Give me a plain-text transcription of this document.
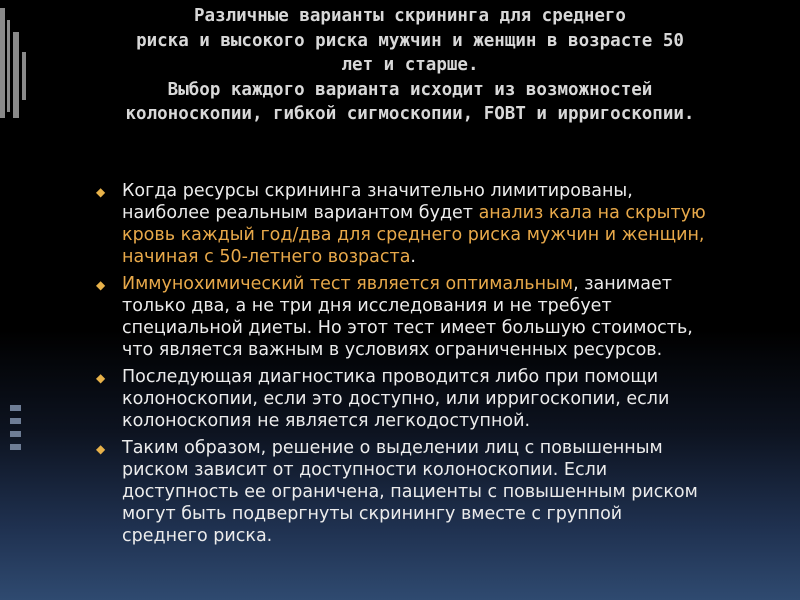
Различные варианты скрининга для среднего
риска и высокого риска мужчин и женщин в возрасте 50
лет и старше.
Выбор каждого варианта исходит из возможностей
колоноскопии, гибкой сигмоскопии, FOBT и ирригоскопии.
◆ Когда ресурсы скрининга значительно лимитированы,
наиболее реальным вариантом будет анализ кала на скрытую
кровь каждый год/два для среднего риска мужчин и женщин,
начиная с 50-летнего возраста.
◆ Иммунохимический тест является оптимальным, занимает
только два, а не три дня исследования и не требует
специальной диеты. Но этот тест имеет большую стоимость,
что является важным в условиях ограниченных ресурсов.
◆ Последующая диагностика проводится либо при помощи
колоноскопии, если это доступно, или ирригоскопии, если
колоноскопия не является легкодоступной.
◆ Таким образом, решение о выделении лиц с повышенным
риском зависит от доступности колоноскопии. Если
доступность ее ограничена, пациенты с повышенным риском
могут быть подвергнуты скринингу вместе с группой
среднего риска.
